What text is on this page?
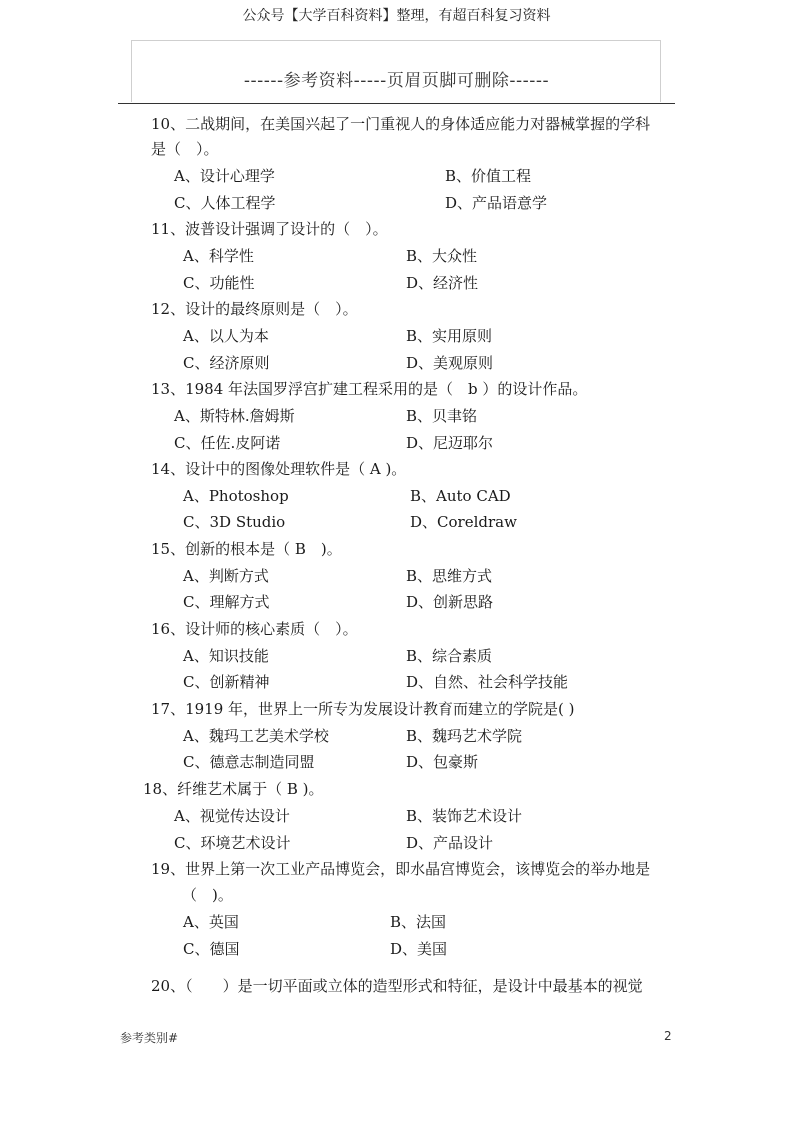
公众号【大学百科资料】整理，有超百科复习资料
------参考资料-----页眉页脚可删除------
10、二战期间，在美国兴起了一门重视人的身体适应能力对器械掌握的学科
是（　）。
A、设计心理学	B、价值工程
C、人体工程学	D、产品语意学
11、波普设计强调了设计的（　）。
A、科学性	B、大众性
C、功能性	D、经济性
12、设计的最终原则是（　）。
A、以人为本	B、实用原则
C、经济原则	D、美观原则
13、1984 年法国罗浮宫扩建工程采用的是（　b ）的设计作品。
A、斯特林.詹姆斯	B、贝聿铭
C、任佐.皮阿诺	D、尼迈耶尔
14、设计中的图像处理软件是（ A )。
A、Photoshop	B、Auto CAD
C、3D Studio	D、Coreldraw
15、创新的根本是（ B　)。
A、判断方式	B、思维方式
C、理解方式	D、创新思路
16、设计师的核心素质（　）。
A、知识技能	B、综合素质
C、创新精神	D、自然、社会科学技能
17、1919 年，世界上一所专为发展设计教育而建立的学院是( )
A、魏玛工艺美术学校	B、魏玛艺术学院
C、德意志制造同盟	D、包豪斯
18、纤维艺术属于（ B )。
A、视觉传达设计	B、装饰艺术设计
C、环境艺术设计	D、产品设计
19、世界上第一次工业产品博览会，即水晶宫博览会，该博览会的举办地是
（　)。
A、英国	B、法国
C、德国	D、美国
20、（　　）是一切平面或立体的造型形式和特征，是设计中最基本的视觉
参考类别#	2
